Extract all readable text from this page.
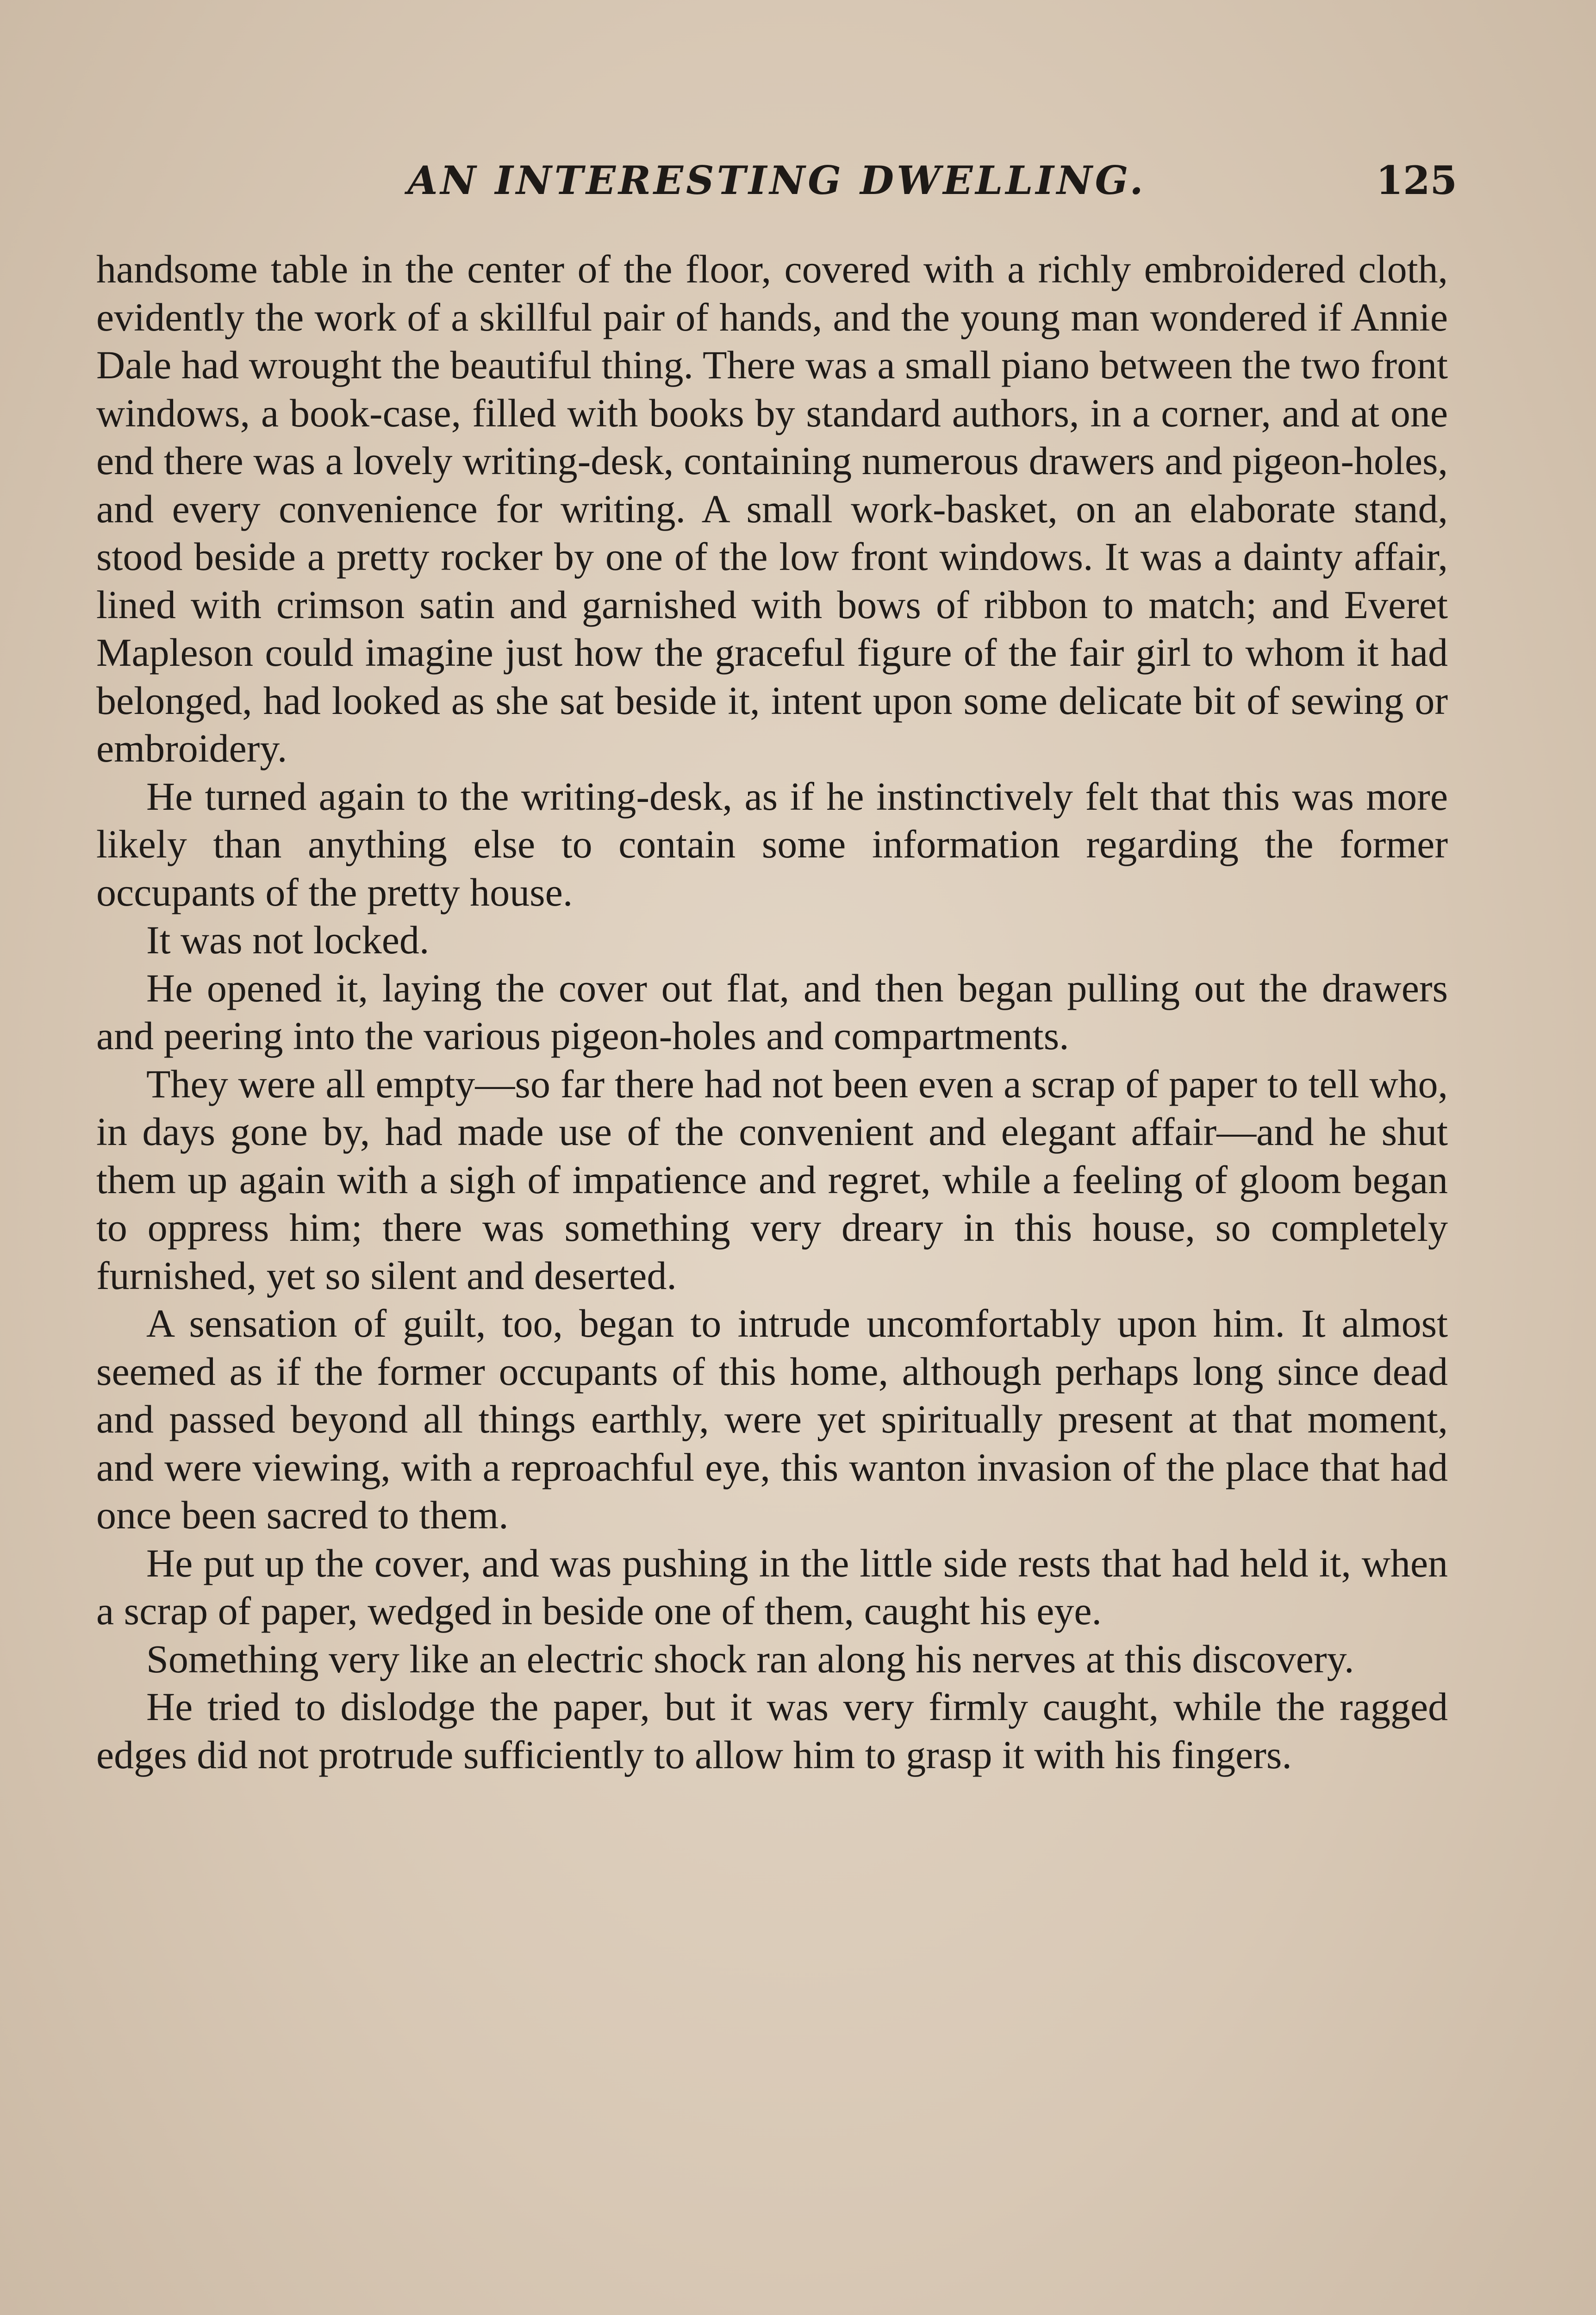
AN INTERESTING DWELLING.	125

handsome table in the center of the floor, covered with a richly embroidered cloth, evidently the work of a skillful pair of hands, and the young man wondered if Annie Dale had wrought the beautiful thing. There was a small piano between the two front windows, a book-case, filled with books by standard authors, in a corner, and at one end there was a lovely writing-desk, containing numerous drawers and pigeon-holes, and every convenience for writing. A small work-basket, on an elaborate stand, stood beside a pretty rocker by one of the low front windows. It was a dainty affair, lined with crimson satin and garnished with bows of ribbon to match; and Everet Mapleson could imagine just how the graceful figure of the fair girl to whom it had belonged, had looked as she sat beside it, intent upon some delicate bit of sewing or embroidery.

He turned again to the writing-desk, as if he instinctively felt that this was more likely than anything else to contain some information regarding the former occupants of the pretty house.

It was not locked.

He opened it, laying the cover out flat, and then began pulling out the drawers and peering into the various pigeon-holes and compartments.

They were all empty—so far there had not been even a scrap of paper to tell who, in days gone by, had made use of the convenient and elegant affair—and he shut them up again with a sigh of impatience and regret, while a feeling of gloom began to oppress him; there was something very dreary in this house, so completely furnished, yet so silent and deserted.

A sensation of guilt, too, began to intrude uncomfortably upon him. It almost seemed as if the former occupants of this home, although perhaps long since dead and passed beyond all things earthly, were yet spiritually present at that moment, and were viewing, with a reproachful eye, this wanton invasion of the place that had once been sacred to them.

He put up the cover, and was pushing in the little side rests that had held it, when a scrap of paper, wedged in beside one of them, caught his eye.

Something very like an electric shock ran along his nerves at this discovery.

He tried to dislodge the paper, but it was very firmly caught, while the ragged edges did not protrude sufficiently to allow him to grasp it with his fingers.
